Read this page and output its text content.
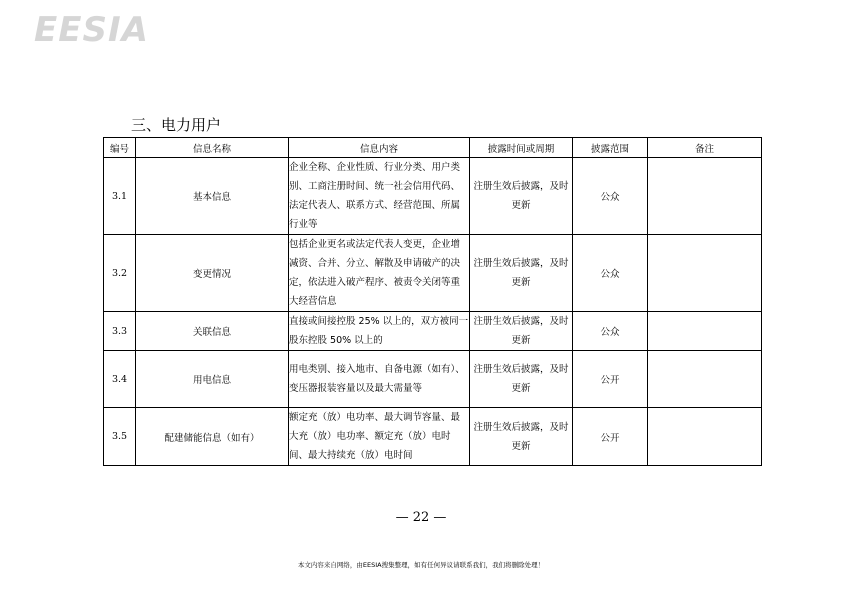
EESIA
三、电力用户
编号	信息名称	信息内容	披露时间或周期	披露范围	备注
3.1	基本信息	企业全称、企业性质、行业分类、用户类别、工商注册时间、统一社会信用代码、法定代表人、联系方式、经营范围、所属行业等	注册生效后披露，及时更新	公众	
3.2	变更情况	包括企业更名或法定代表人变更，企业增减资、合并、分立、解散及申请破产的决定，依法进入破产程序、被责令关闭等重大经营信息	注册生效后披露，及时更新	公众	
3.3	关联信息	直接或间接控股 25% 以上的，双方被同一股东控股 50% 以上的	注册生效后披露，及时更新	公众	
3.4	用电信息	用电类别、接入地市、自备电源（如有）、变压器报装容量以及最大需量等	注册生效后披露，及时更新	公开	
3.5	配建储能信息（如有）	额定充（放）电功率、最大调节容量、最大充（放）电功率、额定充（放）电时间、最大持续充（放）电时间	注册生效后披露，及时更新	公开	
— 22 —
本文内容来自网络，由EESIA搜集整理，如有任何异议请联系我们，我们将删除处理！
